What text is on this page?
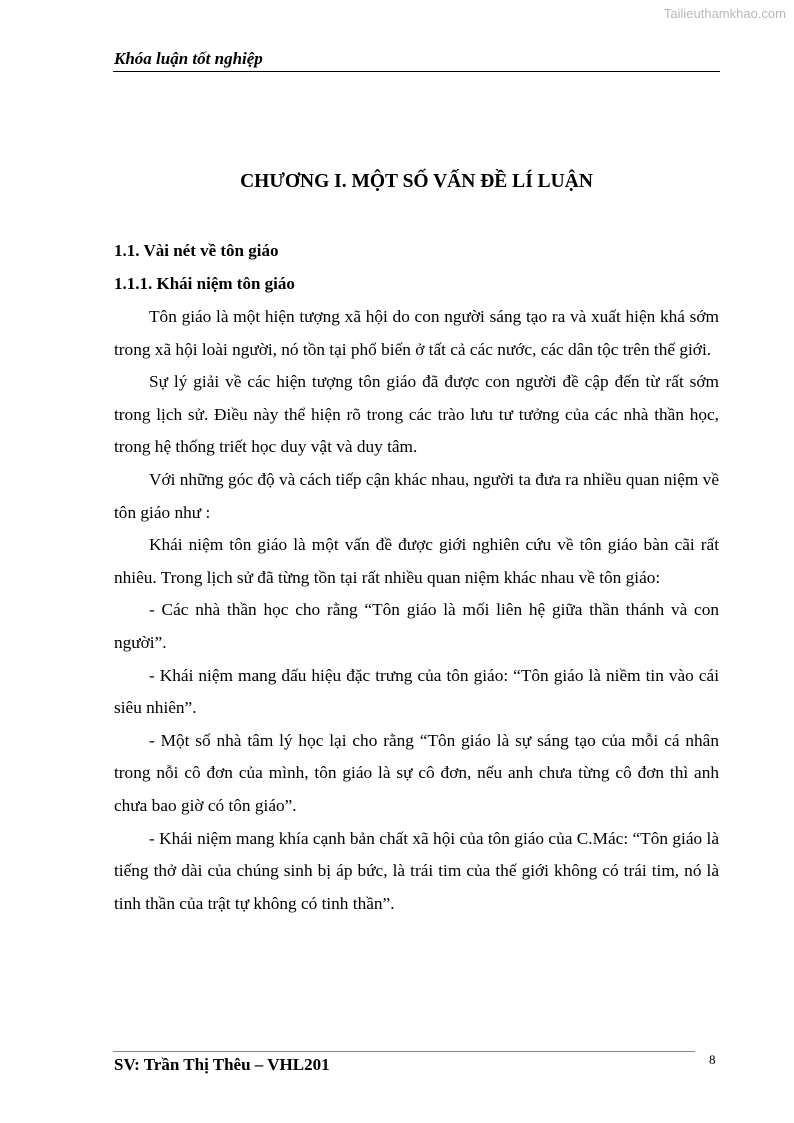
Tailieuthamkhao.com
Khóa luận tốt nghiệp
CHƯƠNG I. MỘT SỐ VẤN ĐỀ LÍ LUẬN
1.1. Vài nét về tôn giáo
1.1.1. Khái niệm tôn giáo

Tôn giáo là một hiện tượng xã hội do con người sáng tạo ra và xuất hiện khá sớm trong xã hội loài người, nó tồn tại phổ biến ở tất cả các nước, các dân tộc trên thế giới.

Sự lý giải về các hiện tượng tôn giáo đã được con người đề cập đến từ rất sớm trong lịch sử. Điều này thể hiện rõ trong các trào lưu tư tưởng của các nhà thần học, trong hệ thống triết học duy vật và duy tâm.

Với những góc độ và cách tiếp cận khác nhau, người ta đưa ra nhiều quan niệm về tôn giáo như :

Khái niệm tôn giáo là một vấn đề được giới nghiên cứu về tôn giáo bàn cãi rất nhiêu. Trong lịch sử đã từng tồn tại rất nhiều quan niệm khác nhau về tôn giáo:

- Các nhà thần học cho rằng “Tôn giáo là mối liên hệ giữa thần thánh và con người”.

- Khái niệm mang dấu hiệu đặc trưng của tôn giáo: “Tôn giáo là niềm tin vào cái siêu nhiên”.

- Một số nhà tâm lý học lại cho rằng “Tôn giáo là sự sáng tạo của mỗi cá nhân trong nỗi cô đơn của mình, tôn giáo là sự cô đơn, nếu anh chưa từng cô đơn thì anh chưa bao giờ có tôn giáo”.

- Khái niệm mang khía cạnh bản chất xã hội của tôn giáo của C.Mác: “Tôn giáo là tiếng thở dài của chúng sinh bị áp bức, là trái tim của thế giới không có trái tim, nó là tinh thần của trật tự không có tinh thần”.

SV: Trần Thị Thêu – VHL201	8
